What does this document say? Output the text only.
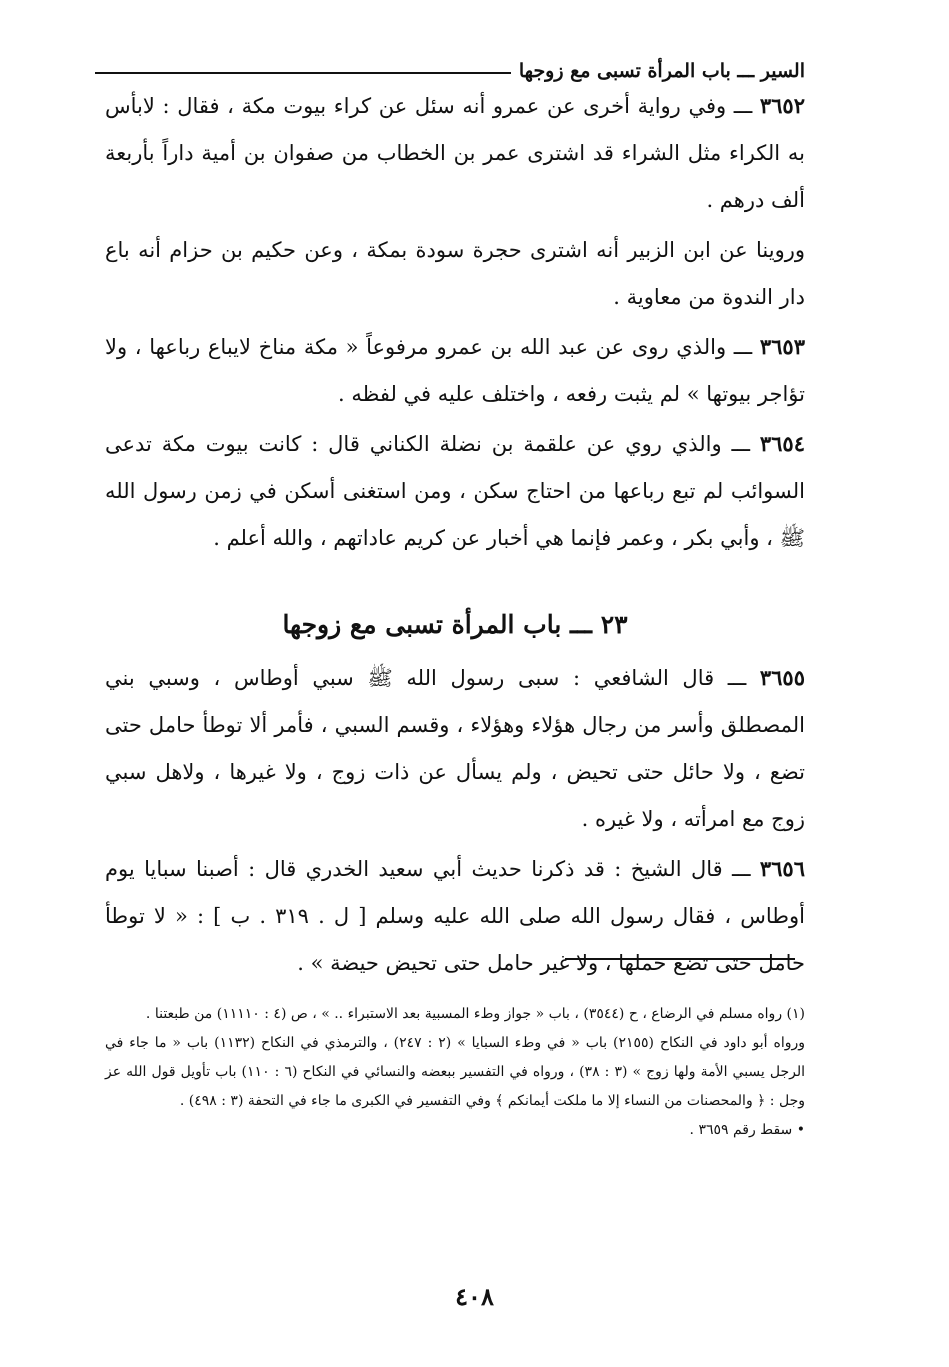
السير ـــ باب المرأة تسبى مع زوجها

٣٦٥٢ ـــ وفي رواية أخرى عن عمرو أنه سئل عن كراء بيوت مكة ، فقال : لابأس به الكراء مثل الشراء قد اشترى عمر بن الخطاب من صفوان بن أمية داراً بأربعة ألف درهم .

وروينا عن ابن الزبير أنه اشترى حجرة سودة بمكة ، وعن حكيم بن حزام أنه باع دار الندوة من معاوية .

٣٦٥٣ ـــ والذي روى عن عبد الله بن عمرو مرفوعاً « مكة مناخ لايباع رباعها ، ولا تؤاجر بيوتها » لم يثبت رفعه ، واختلف عليه في لفظه .

٣٦٥٤ ـــ والذي روي عن علقمة بن نضلة الكناني قال : كانت بيوت مكة تدعى السوائب لم تبع رباعها من احتاج سكن ، ومن استغنى أسكن في زمن رسول الله ﷺ ، وأبي بكر ، وعمر فإنما هي أخبار عن كريم عاداتهم ، والله أعلم .

٢٣ ـــ باب المرأة تسبى مع زوجها

٣٦٥٥ ـــ قال الشافعي : سبى رسول الله ﷺ سبي أوطاس ، وسبي بني المصطلق وأسر من رجال هؤلاء وهؤلاء ، وقسم السبي ، فأمر ألا توطأ حامل حتى تضع ، ولا حائل حتى تحيض ، ولم يسأل عن ذات زوج ، ولا غيرها ، ولاهل سبي زوج مع امرأته ، ولا غيره .

٣٦٥٦ ـــ قال الشيخ : قد ذكرنا حديث أبي سعيد الخدري قال : أصبنا سبايا يوم أوطاس ، فقال رسول الله صلى الله عليه وسلم [ ل . ٣١٩ . ب ] : « لا توطأ حامل حتى تضع حملها ، ولا غير حامل حتى تحيض حيضة » .

(١) رواه مسلم في الرضاع ، ح (٣٥٤٤) ، باب « جواز وطء المسبية بعد الاستبراء .. » ، ص (٤ : ١١١١٠) من طبعتنا .

ورواه أبو داود في النكاح (٢١٥٥) باب « في وطء السبايا » (٢ : ٢٤٧) ، والترمذي في النكاح (١١٣٢) باب « ما جاء في الرجل يسبي الأمة ولها زوج » (٣ : ٣٨) ، ورواه في التفسير ببعضه والنسائي في النكاح (٦ : ١١٠) باب تأويل قول الله عز وجل : ﴿ والمحصنات من النساء إلا ما ملكت أيمانكم ﴾ وفي التفسير في الكبرى ما جاء في التحفة (٣ : ٤٩٨) .

• سقط رقم ٣٦٥٩ .

٤٠٨
